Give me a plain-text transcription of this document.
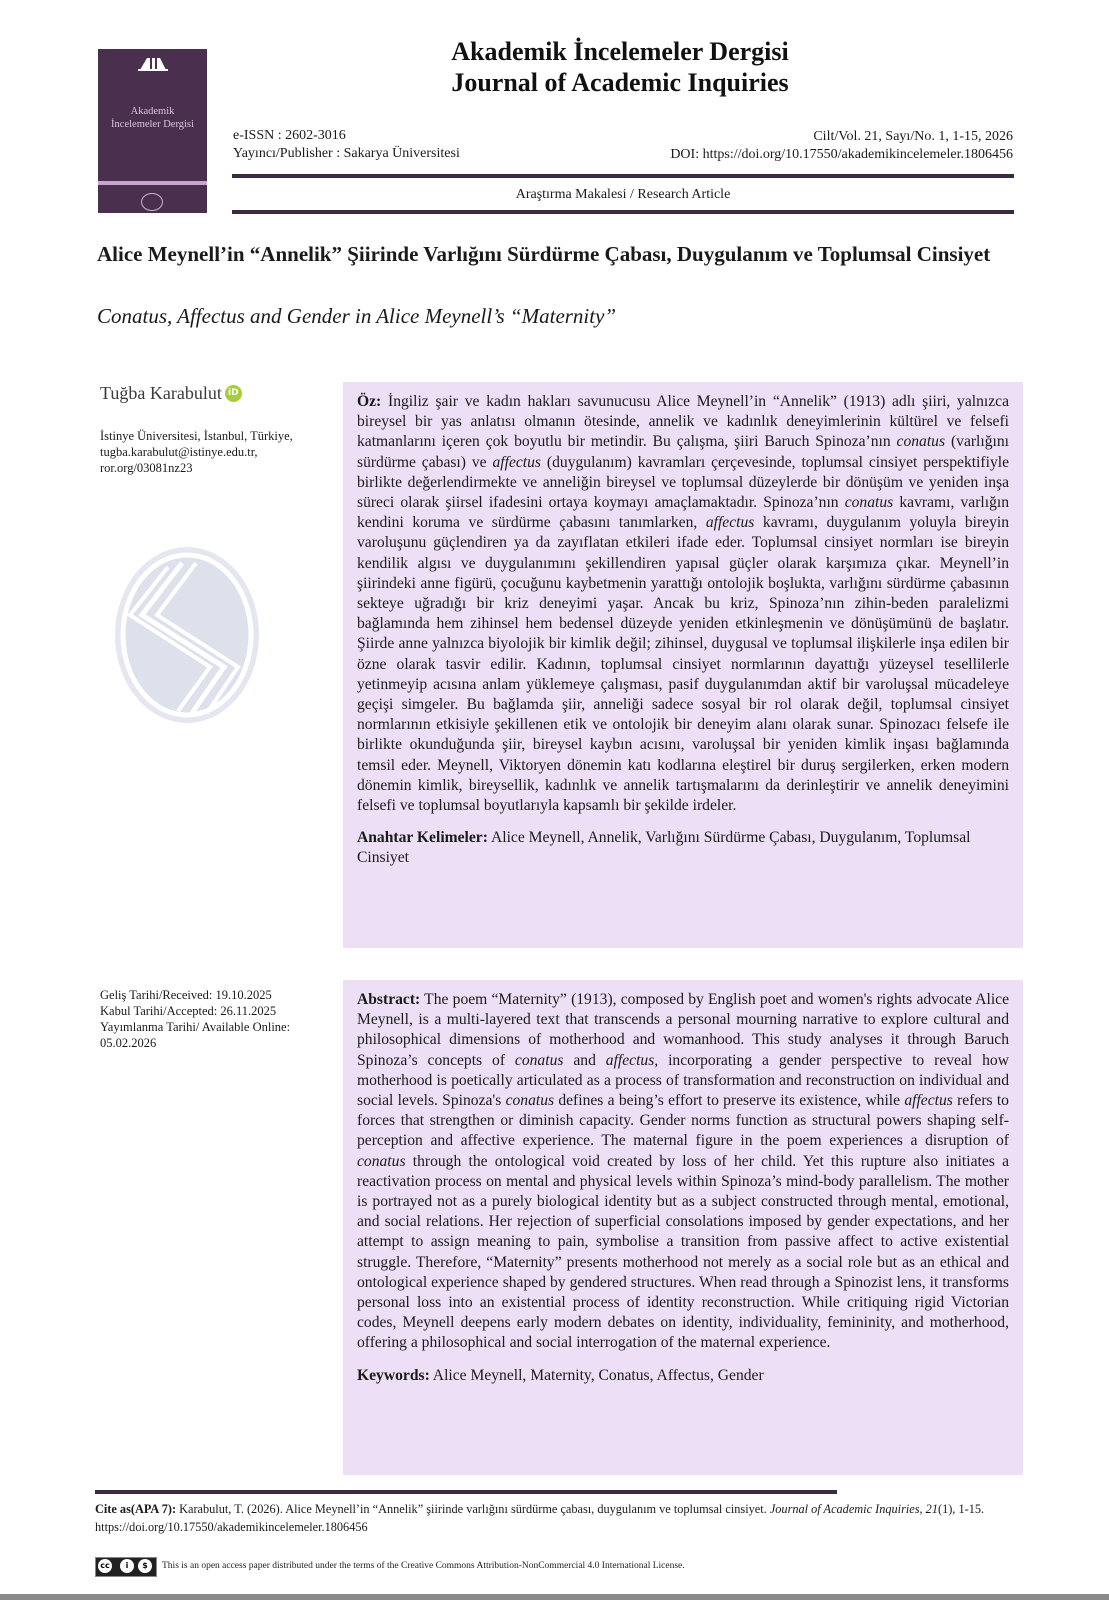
Akademik
İncelemeler Dergisi
Akademik İncelemeler Dergisi
Journal of Academic Inquiries
e-ISSN : 2602-3016
Yayıncı/Publisher : Sakarya Üniversitesi
Cilt/Vol. 21, Sayı/No. 1, 1-15, 2026
DOI: https://doi.org/10.17550/akademikincelemeler.1806456
Araştırma Makalesi / Research Article
Alice Meynell’in “Annelik” Şiirinde Varlığını Sürdürme Çabası, Duygulanım ve Toplumsal Cinsiyet
Conatus, Affectus and Gender in Alice Meynell’s “Maternity”
Tuğba Karabulut iD
İstinye Üniversitesi, İstanbul, Türkiye,
tugba.karabulut@istinye.edu.tr,
ror.org/03081nz23
Geliş Tarihi/Received: 19.10.2025
Kabul Tarihi/Accepted: 26.11.2025
Yayımlanma Tarihi/ Available Online:
05.02.2026

Öz: İngiliz şair ve kadın hakları savunucusu Alice Meynell’in “Annelik” (1913) adlı şiiri, yalnızca bireysel bir yas anlatısı olmanın ötesinde, annelik ve kadınlık deneyimlerinin kültürel ve felsefi katmanlarını içeren çok boyutlu bir metindir. Bu çalışma, şiiri Baruch Spinoza’nın conatus (varlığını sürdürme çabası) ve affectus (duygulanım) kavramları çerçevesinde, toplumsal cinsiyet perspektifiyle birlikte değerlendirmekte ve anneliğin bireysel ve toplumsal düzeylerde bir dönüşüm ve yeniden inşa süreci olarak şiirsel ifadesini ortaya koymayı amaçlamaktadır. Spinoza’nın conatus kavramı, varlığın kendini koruma ve sürdürme çabasını tanımlarken, affectus kavramı, duygulanım yoluyla bireyin varoluşunu güçlendiren ya da zayıflatan etkileri ifade eder. Toplumsal cinsiyet normları ise bireyin kendilik algısı ve duygulanımını şekillendiren yapısal güçler olarak karşımıza çıkar. Meynell’in şiirindeki anne figürü, çocuğunu kaybetmenin yarattığı ontolojik boşlukta, varlığını sürdürme çabasının sekteye uğradığı bir kriz deneyimi yaşar. Ancak bu kriz, Spinoza’nın zihin-beden paralelizmi bağlamında hem zihinsel hem bedensel düzeyde yeniden etkinleşmenin ve dönüşümünü de başlatır. Şiirde anne yalnızca biyolojik bir kimlik değil; zihinsel, duygusal ve toplumsal ilişkilerle inşa edilen bir özne olarak tasvir edilir. Kadının, toplumsal cinsiyet normlarının dayattığı yüzeysel tesellilerle yetinmeyip acısına anlam yüklemeye çalışması, pasif duygulanımdan aktif bir varoluşsal mücadeleye geçişi simgeler. Bu bağlamda şiir, anneliği sadece sosyal bir rol olarak değil, toplumsal cinsiyet normlarının etkisiyle şekillenen etik ve ontolojik bir deneyim alanı olarak sunar. Spinozacı felsefe ile birlikte okunduğunda şiir, bireysel kaybın acısını, varoluşsal bir yeniden kimlik inşası bağlamında temsil eder. Meynell, Viktoryen dönemin katı kodlarına eleştirel bir duruş sergilerken, erken modern dönemin kimlik, bireysellik, kadınlık ve annelik tartışmalarını da derinleştirir ve annelik deneyimini felsefi ve toplumsal boyutlarıyla kapsamlı bir şekilde irdeler.

Anahtar Kelimeler: Alice Meynell, Annelik, Varlığını Sürdürme Çabası, Duygulanım, Toplumsal Cinsiyet

Abstract: The poem “Maternity” (1913), composed by English poet and women's rights advocate Alice Meynell, is a multi-layered text that transcends a personal mourning narrative to explore cultural and philosophical dimensions of motherhood and womanhood. This study analyses it through Baruch Spinoza’s concepts of conatus and affectus, incorporating a gender perspective to reveal how motherhood is poetically articulated as a process of transformation and reconstruction on individual and social levels. Spinoza's conatus defines a being’s effort to preserve its existence, while affectus refers to forces that strengthen or diminish capacity. Gender norms function as structural powers shaping self-perception and affective experience. The maternal figure in the poem experiences a disruption of conatus through the ontological void created by loss of her child. Yet this rupture also initiates a reactivation process on mental and physical levels within Spinoza’s mind-body parallelism. The mother is portrayed not as a purely biological identity but as a subject constructed through mental, emotional, and social relations. Her rejection of superficial consolations imposed by gender expectations, and her attempt to assign meaning to pain, symbolise a transition from passive affect to active existential struggle. Therefore, “Maternity” presents motherhood not merely as a social role but as an ethical and ontological experience shaped by gendered structures. When read through a Spinozist lens, it transforms personal loss into an existential process of identity reconstruction. While critiquing rigid Victorian codes, Meynell deepens early modern debates on identity, individuality, femininity, and motherhood, offering a philosophical and social interrogation of the maternal experience.

Keywords: Alice Meynell, Maternity, Conatus, Affectus, Gender

Cite as(APA 7): Karabulut, T. (2026). Alice Meynell’in “Annelik” şiirinde varlığını sürdürme çabası, duygulanım ve toplumsal cinsiyet. Journal of Academic Inquiries, 21(1), 1-15. https://doi.org/10.17550/akademikincelemeler.1806456
cc	i	$	This is an open access paper distributed under the terms of the Creative Commons Attribution-NonCommercial 4.0 International License.
